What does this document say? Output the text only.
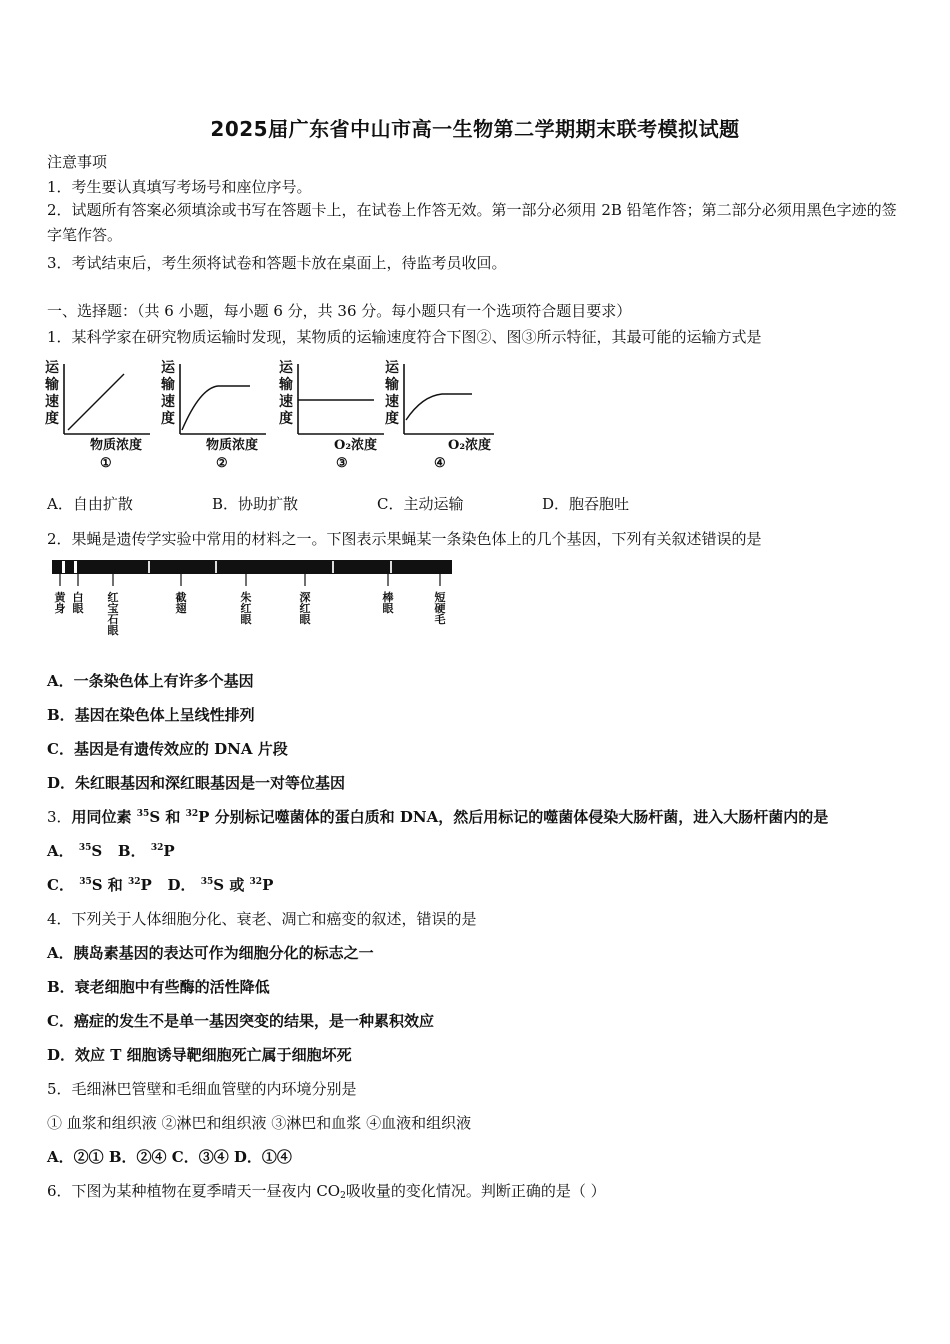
2025届广东省中山市高一生物第二学期期末联考模拟试题
注意事项
1．考生要认真填写考场号和座位序号。
2．试题所有答案必须填涂或书写在答题卡上，在试卷上作答无效。第一部分必须用 2B 铅笔作答；第二部分必须用黑色字迹的签字笔作答。
3．考试结束后，考生须将试卷和答题卡放在桌面上，待监考员收回。
一、选择题：（共 6 小题，每小题 6 分，共 36 分。每小题只有一个选项符合题目要求）
1．某科学家在研究物质运输时发现，某物质的运输速度符合下图②、图③所示特征，其最可能的运输方式是
运输速度
物质浓度
①
运输速度
物质浓度
②
运输速度
O₂浓度
③
运输速度
O₂浓度
④
A．自由扩散	B．协助扩散	C．主动运输	D．胞吞胞吐
2．果蝇是遗传学实验中常用的材料之一。下图表示果蝇某一条染色体上的几个基因，下列有关叙述错误的是
黄身
白眼
红宝石眼
截翅
朱红眼
深红眼
棒眼
短硬毛
A．一条染色体上有许多个基因
B．基因在染色体上呈线性排列
C．基因是有遗传效应的 DNA 片段
D．朱红眼基因和深红眼基因是一对等位基因
3．用同位素 $^{35}$S 和 $^{32}$P 分别标记噬菌体的蛋白质和 DNA，然后用标记的噬菌体侵染大肠杆菌，进入大肠杆菌内的是
A． $^{35}$S B． $^{32}$P
C． $^{35}$S 和 $^{32}$P D． $^{35}$S 或 $^{32}$P
4．下列关于人体细胞分化、衰老、凋亡和癌变的叙述，错误的是
A．胰岛素基因的表达可作为细胞分化的标志之一
B．衰老细胞中有些酶的活性降低
C．癌症的发生不是单一基因突变的结果，是一种累积效应
D．效应 T 细胞诱导靶细胞死亡属于细胞坏死
5．毛细淋巴管壁和毛细血管壁的内环境分别是
① 血浆和组织液 ②淋巴和组织液 ③淋巴和血浆 ④血液和组织液
A．②① B．②④ C．③④ D．①④
6．下图为某种植物在夏季晴天一昼夜内 $CO_2$吸收量的变化情况。判断正确的是（ ）
